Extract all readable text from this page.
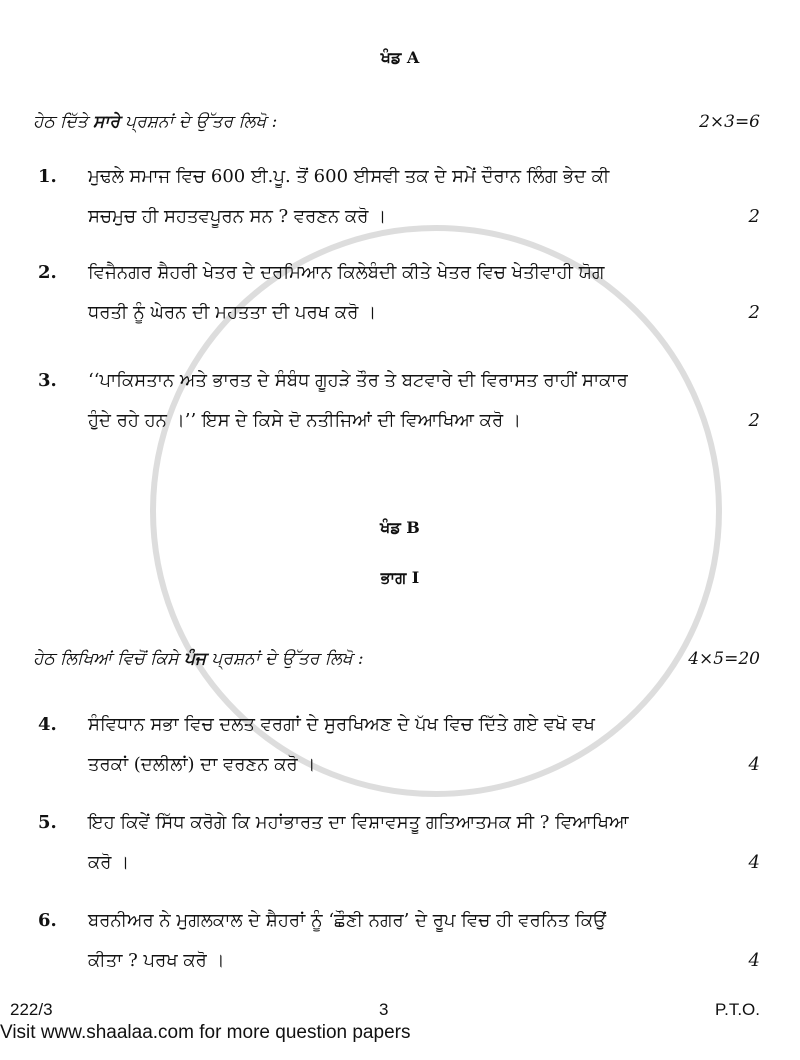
ਖੰਡ A
ਹੇਠ ਦਿੱਤੇ ਸਾਰੇ ਪ੍ਰਸ਼ਨਾਂ ਦੇ ਉੱਤਰ ਲਿਖੋ :	2×3=6
1.	ਮੁਢਲੇ ਸਮਾਜ ਵਿਚ 600 ਈ.ਪੂ. ਤੋਂ 600 ਈਸਵੀ ਤਕ ਦੇ ਸਮੇਂ ਦੌਰਾਨ ਲਿੰਗ ਭੇਦ ਕੀ
ਸਚਮੁਚ ਹੀ ਸਹਤਵਪੂਰਨ ਸਨ ? ਵਰਣਨ ਕਰੋ ।	2
2.	ਵਿਜੈਨਗਰ ਸ਼ੈਹਰੀ ਖੇਤਰ ਦੇ ਦਰਮਿਆਨ ਕਿਲੇਬੰਦੀ ਕੀਤੇ ਖੇਤਰ ਵਿਚ ਖੇਤੀਵਾਹੀ ਯੋਗ
ਧਰਤੀ ਨੂੰ ਘੇਰਨ ਦੀ ਮਹਤਤਾ ਦੀ ਪਰਖ ਕਰੋ ।	2
3.	‘‘ਪਾਕਿਸਤਾਨ ਅਤੇ ਭਾਰਤ ਦੇ ਸੰਬੰਧ ਗੂਹੜੇ ਤੌਰ ਤੇ ਬਟਵਾਰੇ ਦੀ ਵਿਰਾਸਤ ਰਾਹੀਂ ਸਾਕਾਰ
ਹੁੰਦੇ ਰਹੇ ਹਨ ।’’ ਇਸ ਦੇ ਕਿਸੇ ਦੋ ਨਤੀਜਿਆਂ ਦੀ ਵਿਆਖਿਆ ਕਰੋ ।	2
ਖੰਡ B
ਭਾਗ I
ਹੇਠ ਲਿਖਿਆਂ ਵਿਚੋਂ ਕਿਸੇ ਪੰਜ ਪ੍ਰਸ਼ਨਾਂ ਦੇ ਉੱਤਰ ਲਿਖੋ :	4×5=20
4.	ਸੰਵਿਧਾਨ ਸਭਾ ਵਿਚ ਦਲਤ ਵਰਗਾਂ ਦੇ ਸੁਰਖਿਅਣ ਦੇ ਪੱਖ ਵਿਚ ਦਿੱਤੇ ਗਏ ਵਖੋ ਵਖ
ਤਰਕਾਂ (ਦਲੀਲਾਂ) ਦਾ ਵਰਣਨ ਕਰੋ ।	4
5.	ਇਹ ਕਿਵੇਂ ਸਿੱਧ ਕਰੋਗੇ ਕਿ ਮਹਾਂਭਾਰਤ ਦਾ ਵਿਸ਼ਾਵਸਤੂ ਗਤਿਆਤਮਕ ਸੀ ? ਵਿਆਖਿਆ
ਕਰੋ ।	4
6.	ਬਰਨੀਅਰ ਨੇ ਮੁਗਲਕਾਲ ਦੇ ਸ਼ੈਹਰਾਂ ਨੂੰ ‘ਛੌਣੀ ਨਗਰ’ ਦੇ ਰੂਪ ਵਿਚ ਹੀ ਵਰਨਿਤ ਕਿਉਂ
ਕੀਤਾ ? ਪਰਖ ਕਰੋ ।	4
222/3	3	P.T.O.
Visit www.shaalaa.com for more question papers
